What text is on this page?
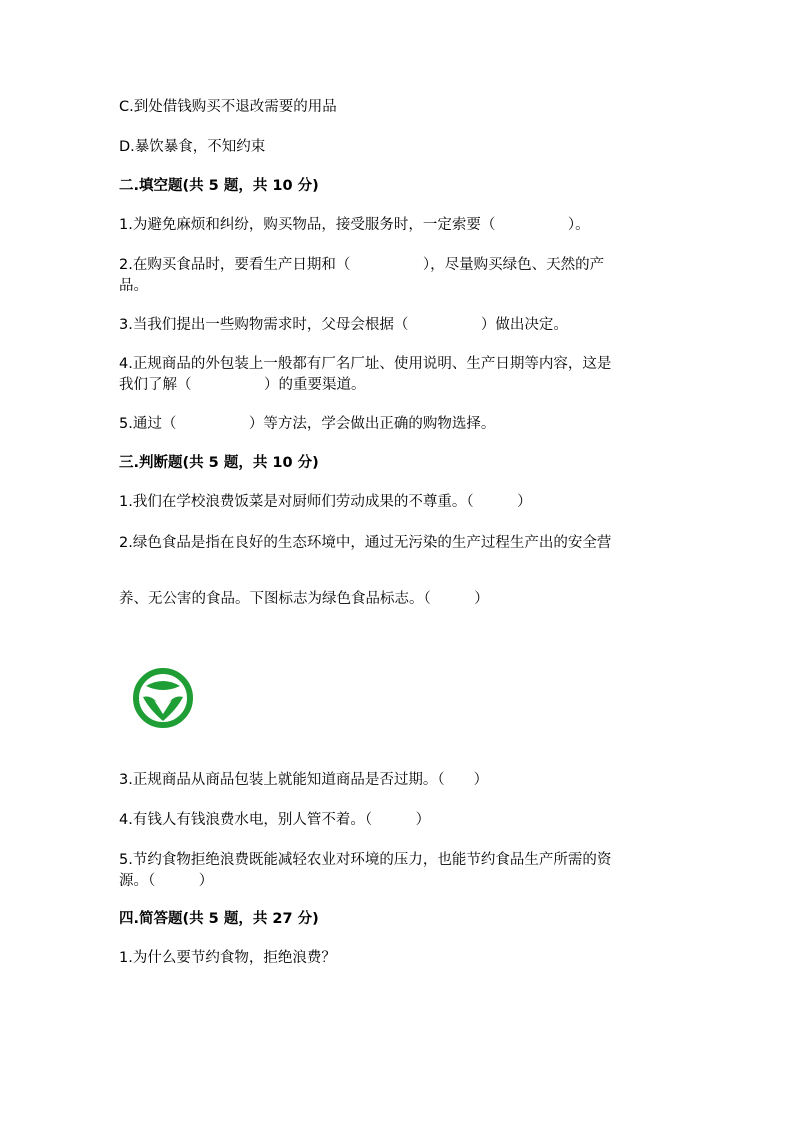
C.到处借钱购买不退改需要的用品
D.暴饮暴食，不知约束
二.填空题(共 5 题，共 10 分)
1.为避免麻烦和纠纷，购买物品，接受服务时，一定索要（　　　　　）。
2.在购买食品时，要看生产日期和（　　　　　），尽量购买绿色、天然的产
品。
3.当我们提出一些购物需求时，父母会根据（　　　　　）做出决定。
4.正规商品的外包装上一般都有厂名厂址、使用说明、生产日期等内容，这是
我们了解（　　　　　）的重要渠道。
5.通过（　　　　　）等方法，学会做出正确的购物选择。
三.判断题(共 5 题，共 10 分)
1.我们在学校浪费饭菜是对厨师们劳动成果的不尊重。（　　　）
2.绿色食品是指在良好的生态环境中，通过无污染的生产过程生产出的安全营
养、无公害的食品。下图标志为绿色食品标志。（　　　）
3.正规商品从商品包装上就能知道商品是否过期。（　　）
4.有钱人有钱浪费水电，别人管不着。（　　　）
5.节约食物拒绝浪费既能减轻农业对环境的压力，也能节约食品生产所需的资
源。（　　　）
四.简答题(共 5 题，共 27 分)
1.为什么要节约食物，拒绝浪费？
